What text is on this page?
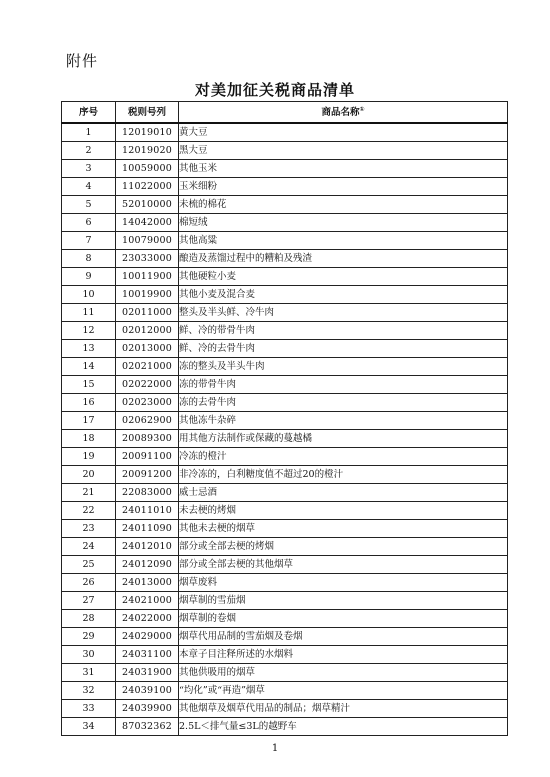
附件
对美加征关税商品清单
序号	税则号列	商品名称①
1	12019010	黄大豆
2	12019020	黑大豆
3	10059000	其他玉米
4	11022000	玉米细粉
5	52010000	未梳的棉花
6	14042000	棉短绒
7	10079000	其他高粱
8	23033000	酿造及蒸馏过程中的糟粕及残渣
9	10011900	其他硬粒小麦
10	10019900	其他小麦及混合麦
11	02011000	整头及半头鲜、冷牛肉
12	02012000	鲜、冷的带骨牛肉
13	02013000	鲜、冷的去骨牛肉
14	02021000	冻的整头及半头牛肉
15	02022000	冻的带骨牛肉
16	02023000	冻的去骨牛肉
17	02062900	其他冻牛杂碎
18	20089300	用其他方法制作或保藏的蔓越橘
19	20091100	冷冻的橙汁
20	20091200	非冷冻的，白利糖度值不超过20的橙汁
21	22083000	威士忌酒
22	24011010	未去梗的烤烟
23	24011090	其他未去梗的烟草
24	24012010	部分或全部去梗的烤烟
25	24012090	部分或全部去梗的其他烟草
26	24013000	烟草废料
27	24021000	烟草制的雪茄烟
28	24022000	烟草制的卷烟
29	24029000	烟草代用品制的雪茄烟及卷烟
30	24031100	本章子目注释所述的水烟料
31	24031900	其他供吸用的烟草
32	24039100	“均化”或“再造”烟草
33	24039900	其他烟草及烟草代用品的制品；烟草精汁
34	87032362	2.5L＜排气量≤3L的越野车
1
